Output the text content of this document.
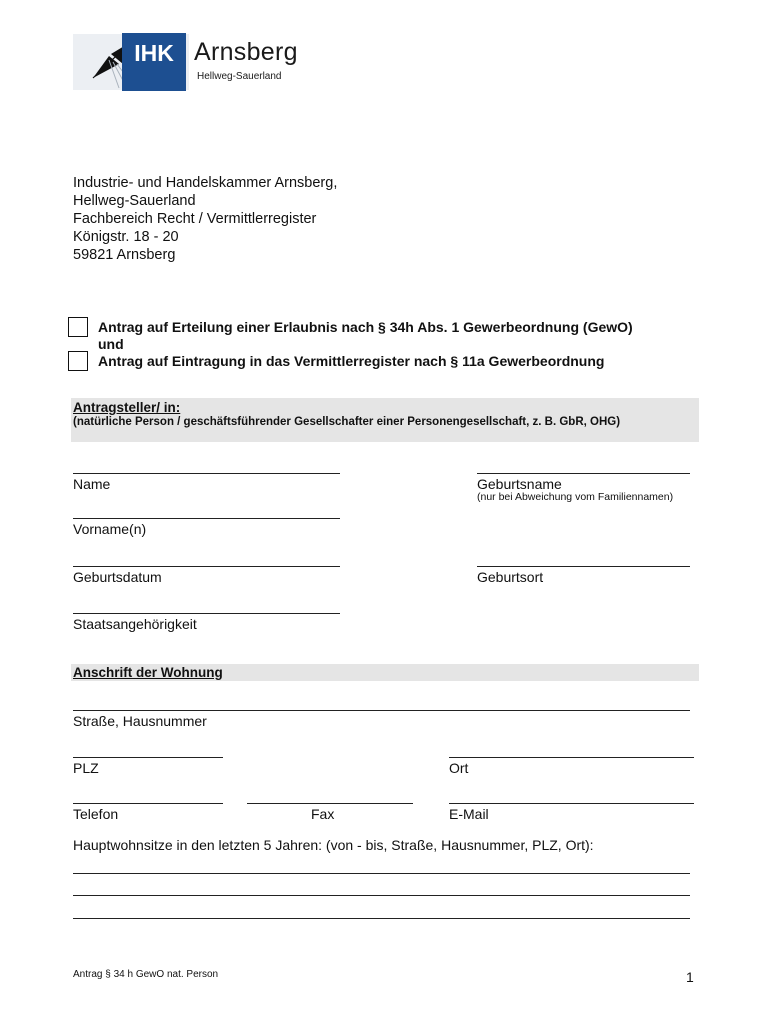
IHK Arnsberg
Hellweg-Sauerland
Industrie- und Handelskammer Arnsberg,
Hellweg-Sauerland
Fachbereich Recht / Vermittlerregister
Königstr. 18 - 20
59821 Arnsberg
Antrag auf Erteilung einer Erlaubnis nach § 34h Abs. 1 Gewerbeordnung (GewO)
und
Antrag auf Eintragung in das Vermittlerregister nach § 11a Gewerbeordnung
Antragsteller/ in:
(natürliche Person / geschäftsführender Gesellschafter einer Personengesellschaft, z. B. GbR, OHG)
Name	Geburtsname
(nur bei Abweichung vom Familiennamen)
Vorname(n)
Geburtsdatum	Geburtsort
Staatsangehörigkeit
Anschrift der Wohnung
Straße, Hausnummer
PLZ	Ort
Telefon	Fax	E-Mail
Hauptwohnsitze in den letzten 5 Jahren: (von - bis, Straße, Hausnummer, PLZ, Ort):
Antrag § 34 h GewO nat. Person	1
